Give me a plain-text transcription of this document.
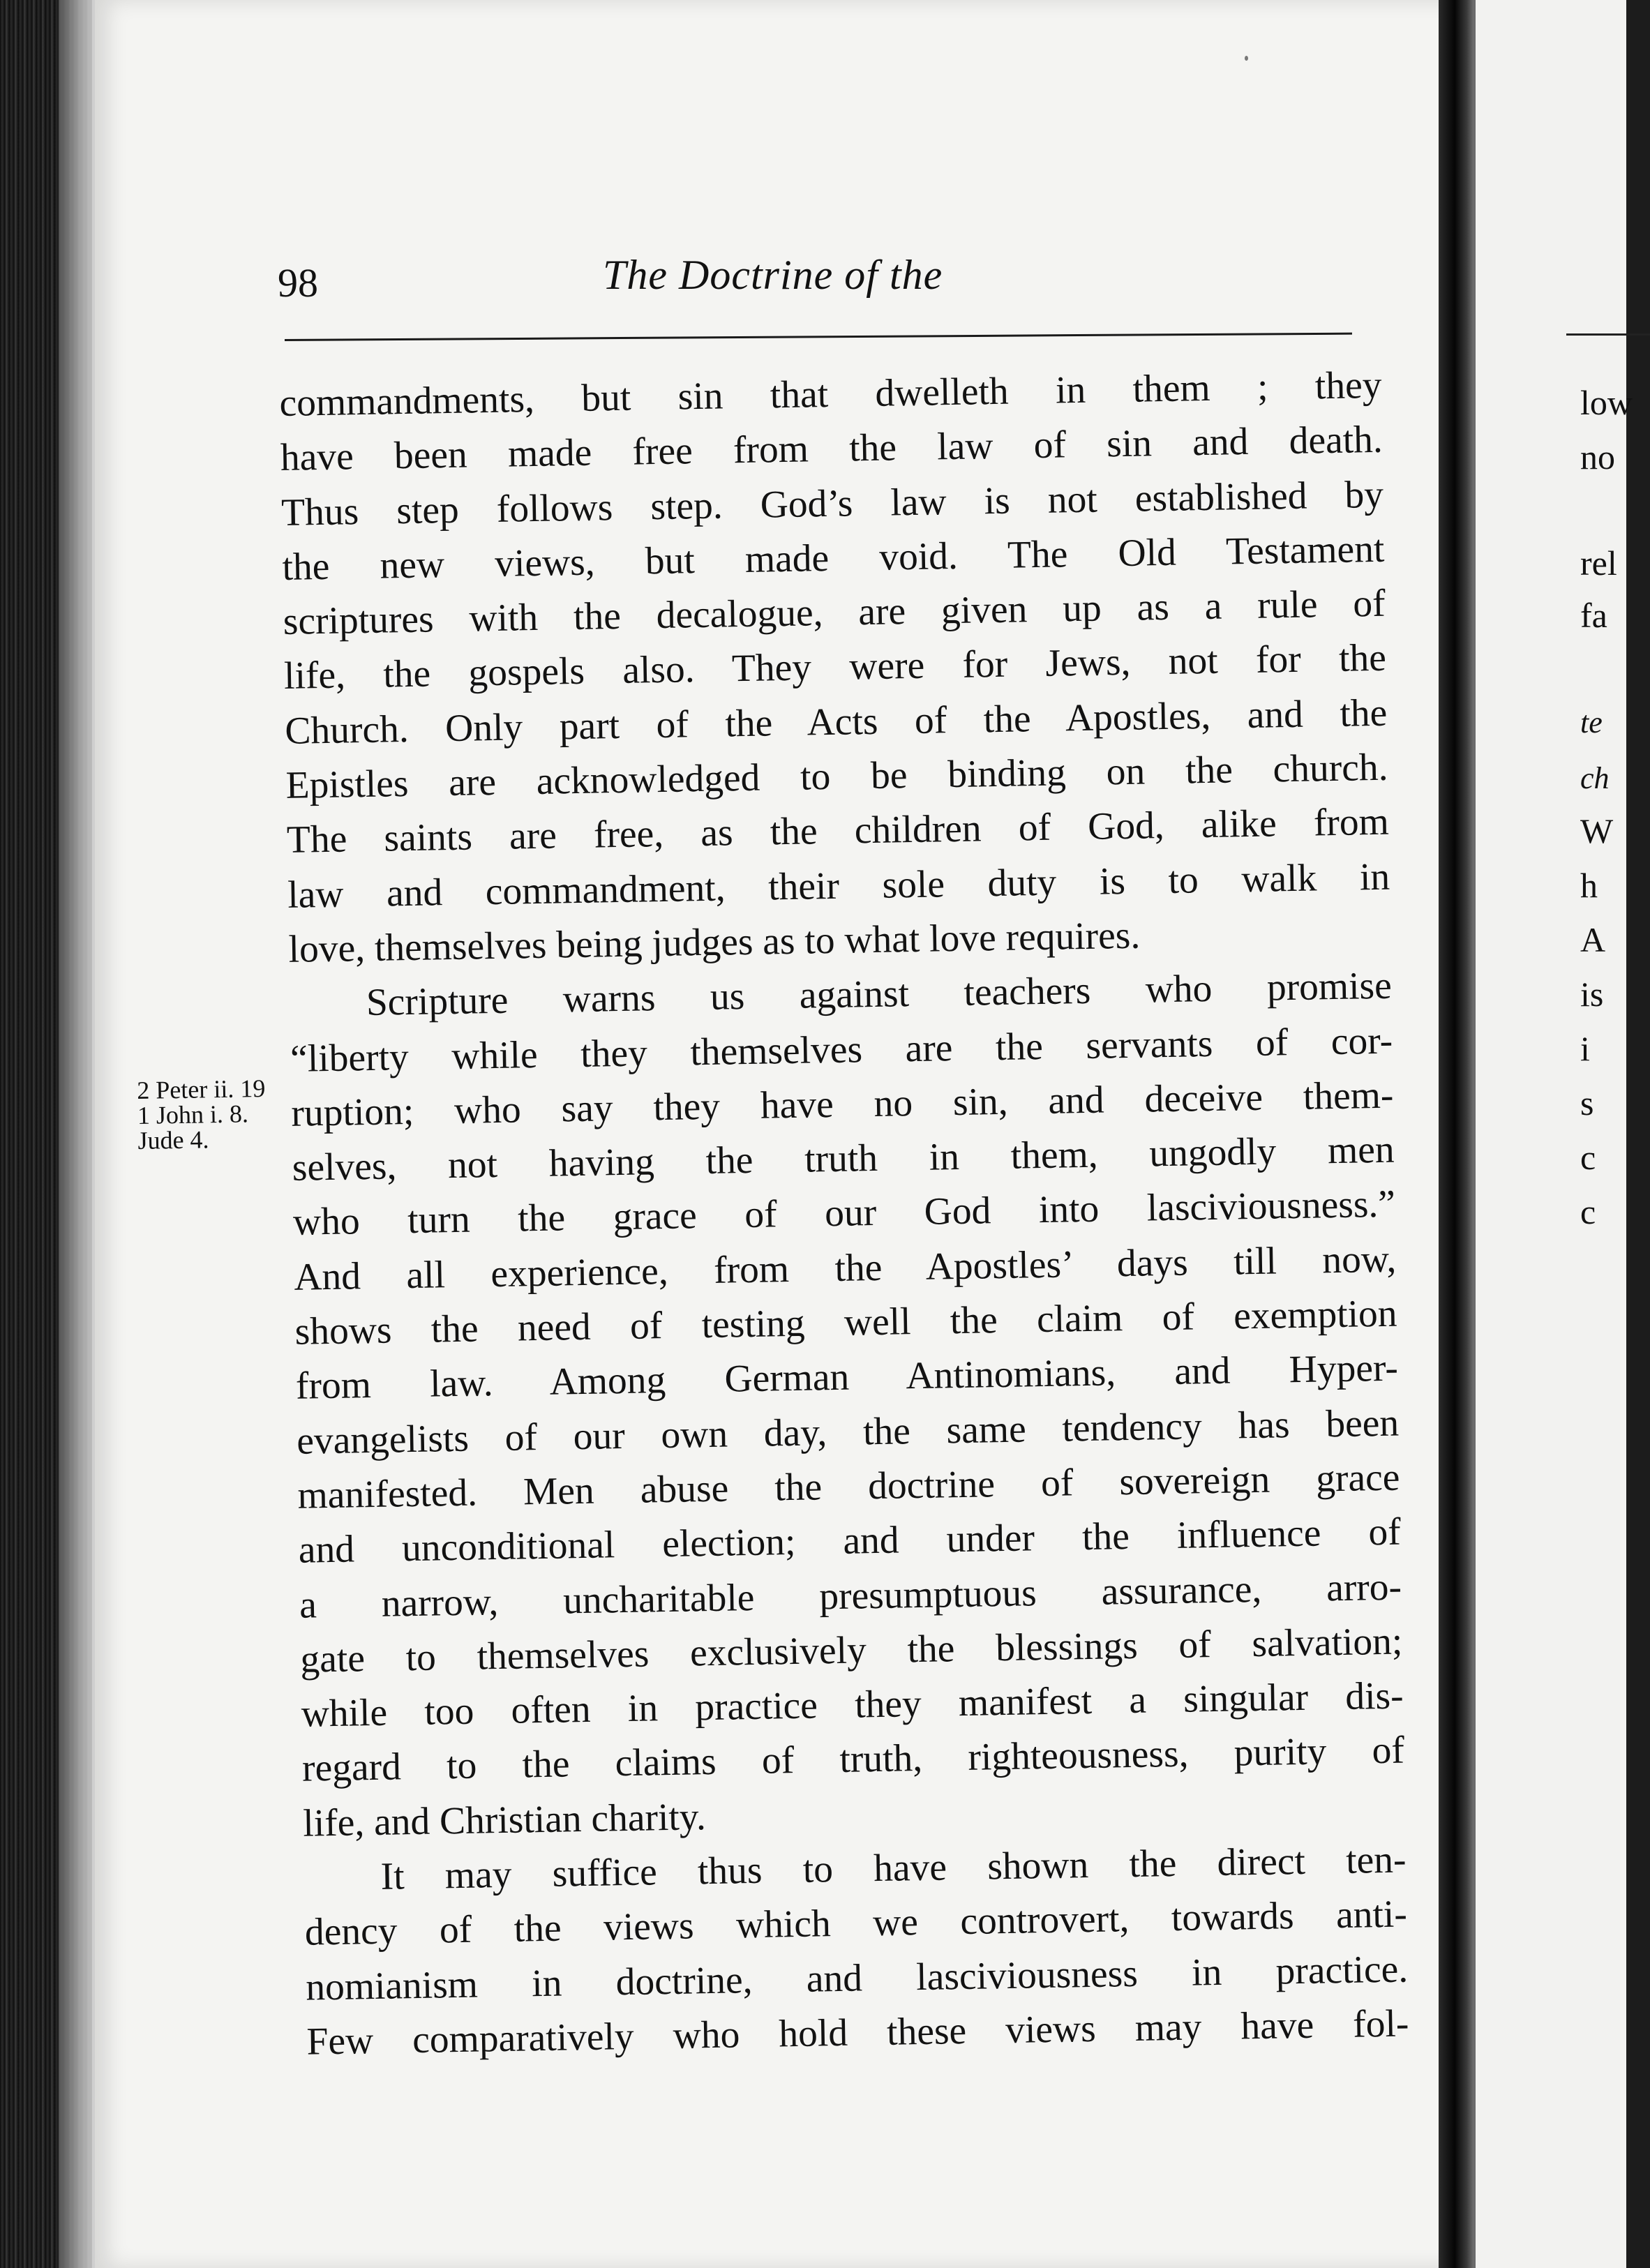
low
no
rel
fa
te
ch
W
h
A
is
i
s
c
c
98	The Doctrine of the
2 Peter ii. 19
1 John i. 8.
Jude 4.
commandments, but sin that dwelleth in them ; they
have been made free from the law of sin and death.
Thus step follows step. God’s law is not established by
the new views, but made void. The Old Testament
scriptures with the decalogue, are given up as a rule of
life, the gospels also. They were for Jews, not for the
Church. Only part of the Acts of the Apostles, and the
Epistles are acknowledged to be binding on the church.
The saints are free, as the children of God, alike from
law and commandment, their sole duty is to walk in
love, themselves being judges as to what love requires.
Scripture warns us against teachers who promise
“liberty while they themselves are the servants of cor-
ruption; who say they have no sin, and deceive them-
selves, not having the truth in them, ungodly men
who turn the grace of our God into lasciviousness.”
And all experience, from the Apostles’ days till now,
shows the need of testing well the claim of exemption
from law. Among German Antinomians, and Hyper-
evangelists of our own day, the same tendency has been
manifested. Men abuse the doctrine of sovereign grace
and unconditional election; and under the influence of
a narrow, uncharitable presumptuous assurance, arro-
gate to themselves exclusively the blessings of salvation;
while too often in practice they manifest a singular dis-
regard to the claims of truth, righteousness, purity of
life, and Christian charity.
It may suffice thus to have shown the direct ten-
dency of the views which we controvert, towards anti-
nomianism in doctrine, and lasciviousness in practice.
Few comparatively who hold these views may have fol-
